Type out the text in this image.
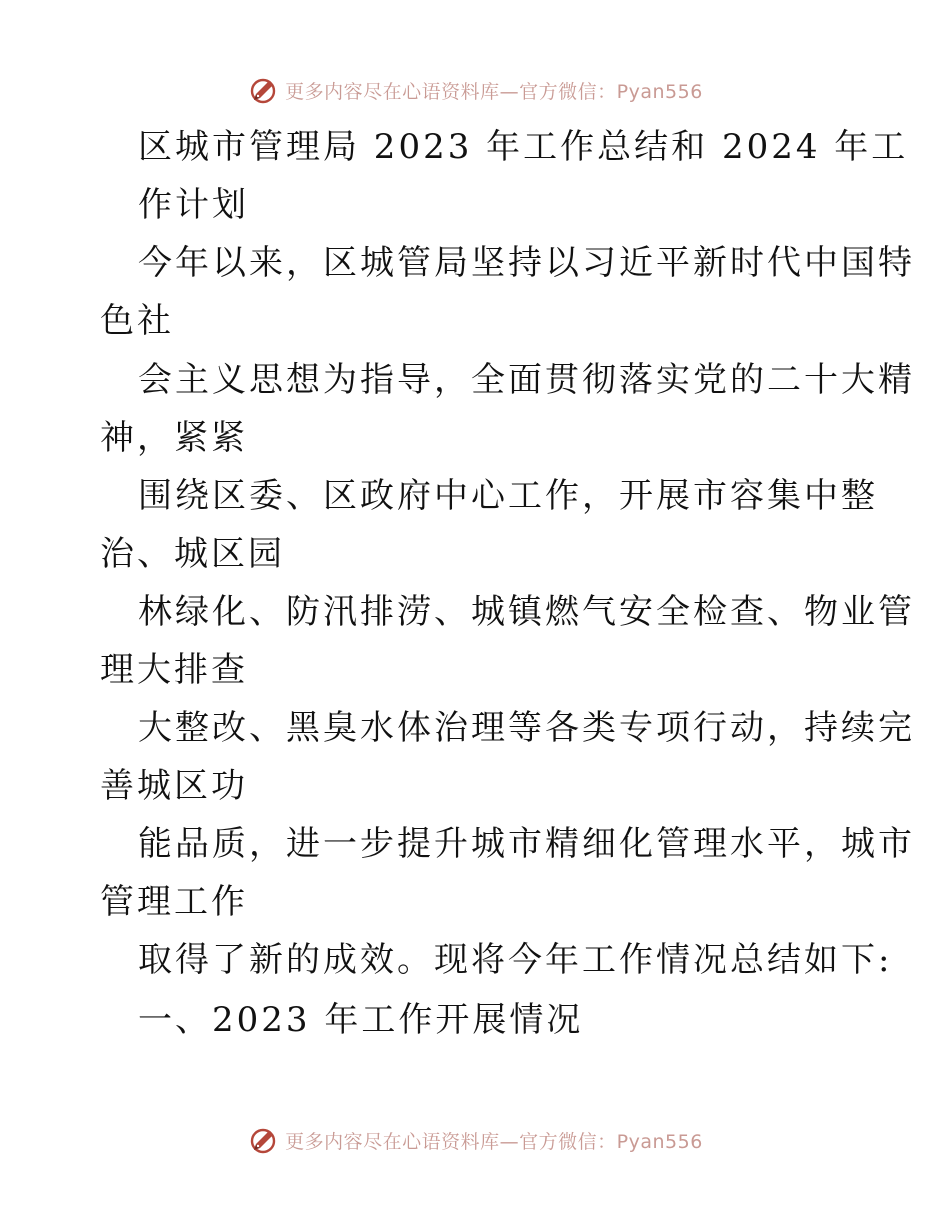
更多内容尽在心语资料库—官方微信：Pyan556
区城市管理局 2023 年工作总结和 2024 年工
作计划
今年以来，区城管局坚持以习近平新时代中国特
色社
会主义思想为指导，全面贯彻落实党的二十大精
神，紧紧
围绕区委、区政府中心工作，开展市容集中整
治、城区园
林绿化、防汛排涝、城镇燃气安全检查、物业管
理大排查
大整改、黑臭水体治理等各类专项行动，持续完
善城区功
能品质，进一步提升城市精细化管理水平，城市
管理工作
取得了新的成效。现将今年工作情况总结如下:
一、2023 年工作开展情况
更多内容尽在心语资料库—官方微信：Pyan556
